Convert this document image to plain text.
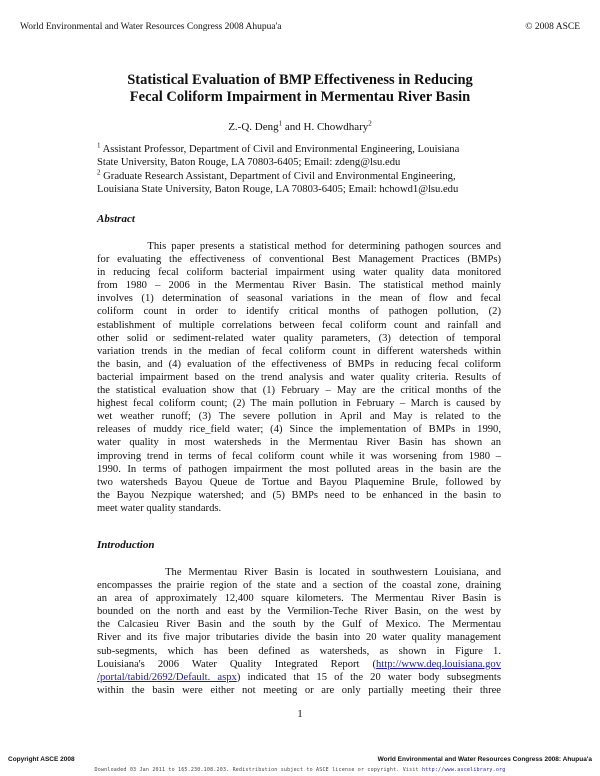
World Environmental and Water Resources Congress 2008 Ahupua'a	© 2008 ASCE
Statistical Evaluation of BMP Effectiveness in Reducing
Fecal Coliform Impairment in Mermentau River Basin
Z.-Q. Deng$^1$ and H. Chowdhary$^2$
$^1$ Assistant Professor, Department of Civil and Environmental Engineering, Louisiana
State University, Baton Rouge, LA 70803-6405; Email: zdeng@lsu.edu
$^2$ Graduate Research Assistant, Department of Civil and Environmental Engineering,
Louisiana State University, Baton Rouge, LA 70803-6405; Email: hchowd1@lsu.edu
Abstract
This paper presents a statistical method for determining pathogen sources and
for evaluating the effectiveness of conventional Best Management Practices (BMPs)
in reducing fecal coliform bacterial impairment using water quality data monitored
from 1980 – 2006 in the Mermentau River Basin. The statistical method mainly
involves (1) determination of seasonal variations in the mean of flow and fecal
coliform count in order to identify critical months of pathogen pollution, (2)
establishment of multiple correlations between fecal coliform count and rainfall and
other solid or sediment-related water quality parameters, (3) detection of temporal
variation trends in the median of fecal coliform count in different watersheds within
the basin, and (4) evaluation of the effectiveness of BMPs in reducing fecal coliform
bacterial impairment based on the trend analysis and water quality criteria. Results of
the statistical evaluation show that (1) February – May are the critical months of the
highest fecal coliform count; (2) The main pollution in February – March is caused by
wet weather runoff; (3) The severe pollution in April and May is related to the
releases of muddy rice_field water; (4) Since the implementation of BMPs in 1990,
water quality in most watersheds in the Mermentau River Basin has shown an
improving trend in terms of fecal coliform count while it was worsening from 1980 –
1990. In terms of pathogen impairment the most polluted areas in the basin are the
two watersheds Bayou Queue de Tortue and Bayou Plaquemine Brule, followed by
the Bayou Nezpique watershed; and (5) BMPs need to be enhanced in the basin to
meet water quality standards.
Introduction
The Mermentau River Basin is located in southwestern Louisiana, and
encompasses the prairie region of the state and a section of the coastal zone, draining
an area of approximately 12,400 square kilometers. The Mermentau River Basin is
bounded on the north and east by the Vermilion-Teche River Basin, on the west by
the Calcasieu River Basin and the south by the Gulf of Mexico. The Mermentau
River and its five major tributaries divide the basin into 20 water quality management
sub-segments, which has been defined as watersheds, as shown in Figure 1.
Louisiana's 2006 Water Quality Integrated Report (http://www.deq.louisiana.gov
/portal/tabid/2692/Default. aspx) indicated that 15 of the 20 water body subsegments
within the basin were either not meeting or are only partially meeting their three
1
Copyright ASCE 2008	World Environmental and Water Resources Congress 2008: Ahupua'a
Downloaded 03 Jan 2011 to 165.230.108.203. Redistribution subject to ASCE license or copyright. Visit http://www.ascelibrary.org
